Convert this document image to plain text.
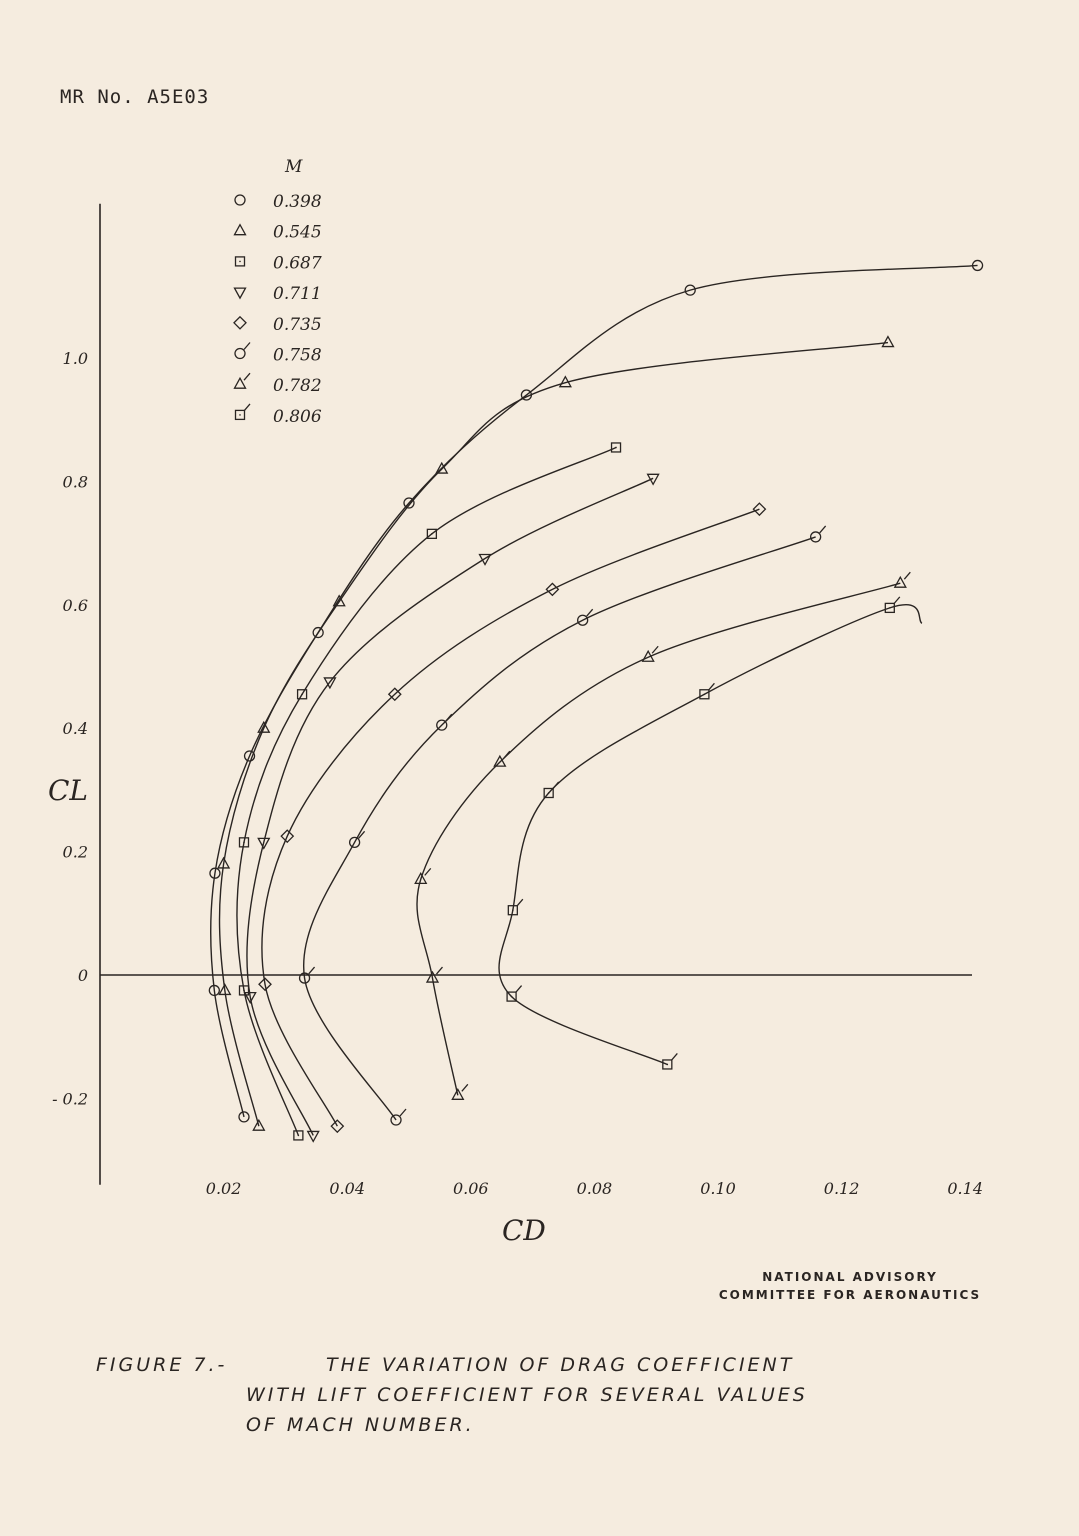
MR No. A5E03
0.02	0.04	0.06	0.08	0.10	0.12	0.14
- 0.2
0
0.2
0.4
0.6
0.8
1.0
M
0.398
0.545
0.687
0.711
0.735
0.758
0.782
0.806
CL
CD
NATIONAL ADVISORY
COMMITTEE FOR AERONAUTICS
FIGURE 7.-	THE VARIATION OF DRAG COEFFICIENT
WITH LIFT COEFFICIENT FOR SEVERAL VALUES
OF MACH NUMBER.
